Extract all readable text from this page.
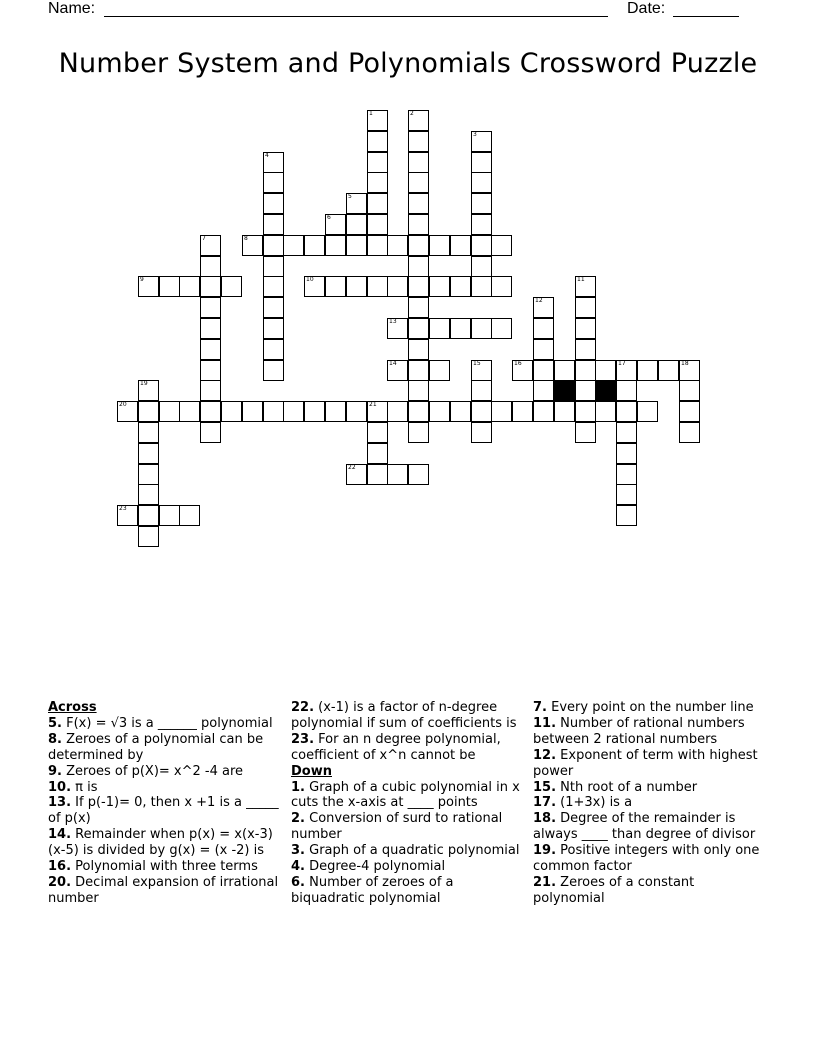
Name:	Date:
Number System and Polynomials Crossword Puzzle
1	2
3
4
5
6
7
11
12
15	17	18
19
21
8
9	10
13
14	16
20
22
23

Across

5. F(x) = √3 is a ______ polynomial

8. Zeroes of a polynomial can be determined by

9. Zeroes of p(X)= x^2 -4 are

10. π is

13. If p(-1)= 0, then x +1 is a _____ of p(x)

14. Remainder when p(x) = x(x-3)(x-5) is divided by g(x) = (x -2) is

16. Polynomial with three terms

20. Decimal expansion of irrational number

22. (x-1) is a factor of n-degree polynomial if sum of coefficients is

23. For an n degree polynomial, coefficient of x^n cannot be

Down

1. Graph of a cubic polynomial in x cuts the x-axis at ____ points

2. Conversion of surd to rational number

3. Graph of a quadratic polynomial

4. Degree-4 polynomial

6. Number of zeroes of a biquadratic polynomial

7. Every point on the number line

11. Number of rational numbers between 2 rational numbers

12. Exponent of term with highest power

15. Nth root of a number

17. (1+3x) is a

18. Degree of the remainder is always ____ than degree of divisor

19. Positive integers with only one common factor

21. Zeroes of a constant polynomial
